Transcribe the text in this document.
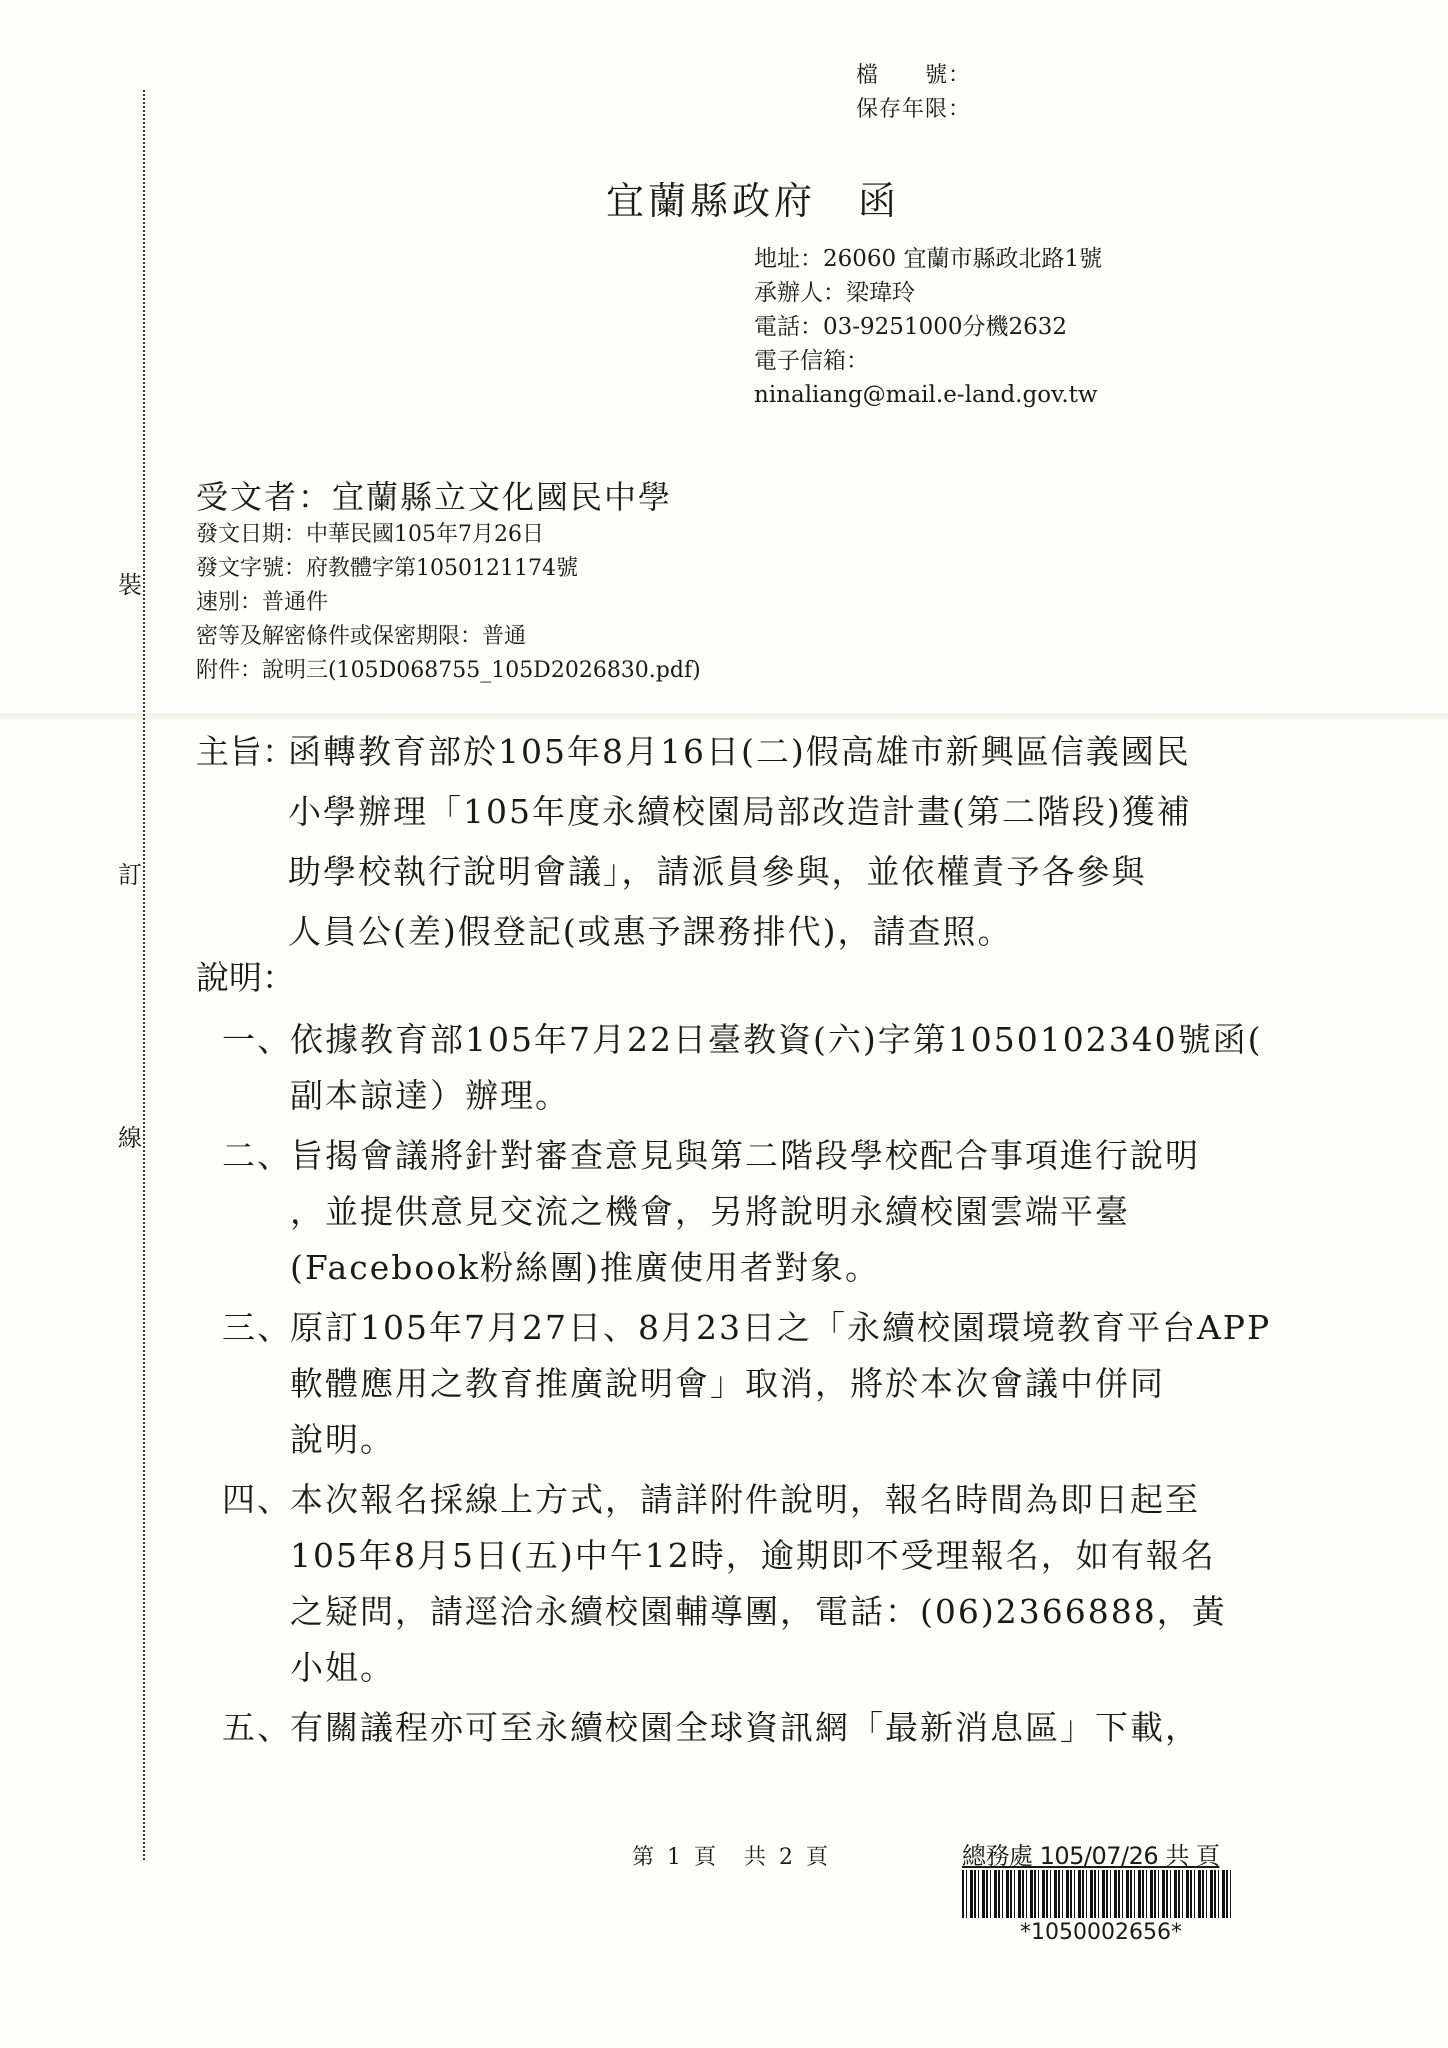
裝
訂
線
檔　　號：
保存年限：
宜蘭縣政府　函
地址：26060 宜蘭市縣政北路1號
承辦人：梁瑋玲
電話：03-9251000分機2632
電子信箱：
ninaliang@mail.e-land.gov.tw
受文者：宜蘭縣立文化國民中學
發文日期：中華民國105年7月26日
發文字號：府教體字第1050121174號
速別：普通件
密等及解密條件或保密期限：普通
附件：說明三(105D068755_105D2026830.pdf)
主旨：
函轉教育部於105年8月16日(二)假高雄市新興區信義國民
小學辦理「105年度永續校園局部改造計畫(第二階段)獲補
助學校執行說明會議」，請派員參與，並依權責予各參與
人員公(差)假登記(或惠予課務排代)，請查照。
說明：
一、
依據教育部105年7月22日臺教資(六)字第1050102340號函(
副本諒達）辦理。
二、
旨揭會議將針對審查意見與第二階段學校配合事項進行說明
，並提供意見交流之機會，另將說明永續校園雲端平臺
(Facebook粉絲團)推廣使用者對象。
三、
原訂105年7月27日、8月23日之「永續校園環境教育平台APP
軟體應用之教育推廣說明會」取消，將於本次會議中併同
說明。
四、
本次報名採線上方式，請詳附件說明，報名時間為即日起至
105年8月5日(五)中午12時，逾期即不受理報名，如有報名
之疑問，請逕洽永續校園輔導團，電話：(06)2366888，黃
小姐。
五、
有關議程亦可至永續校園全球資訊網「最新消息區」下載，
第 1 頁　共 2 頁	總務處 105/07/26 共 頁
*1050002656*
